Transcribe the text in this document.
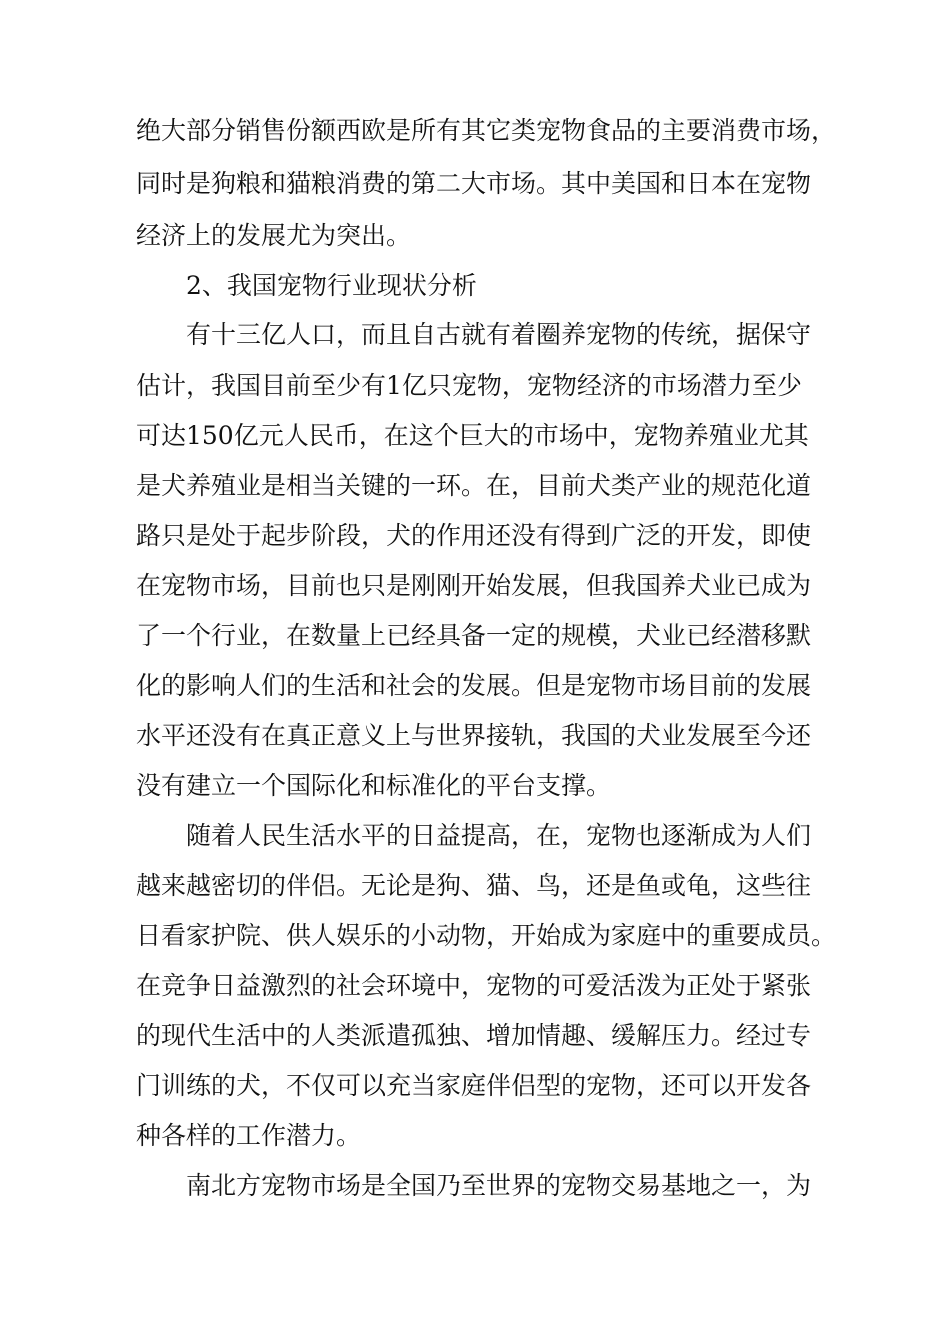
绝大部分销售份额西欧是所有其它类宠物食品的主要消费市场，
同时是狗粮和猫粮消费的第二大市场。其中美国和日本在宠物
经济上的发展尤为突出。
2、我国宠物行业现状分析
有十三亿人口，而且自古就有着圈养宠物的传统，据保守
估计，我国目前至少有1亿只宠物，宠物经济的市场潜力至少
可达150亿元人民币，在这个巨大的市场中，宠物养殖业尤其
是犬养殖业是相当关键的一环。在，目前犬类产业的规范化道
路只是处于起步阶段，犬的作用还没有得到广泛的开发，即使
在宠物市场，目前也只是刚刚开始发展，但我国养犬业已成为
了一个行业，在数量上已经具备一定的规模，犬业已经潜移默
化的影响人们的生活和社会的发展。但是宠物市场目前的发展
水平还没有在真正意义上与世界接轨，我国的犬业发展至今还
没有建立一个国际化和标准化的平台支撑。
随着人民生活水平的日益提高，在，宠物也逐渐成为人们
越来越密切的伴侣。无论是狗、猫、鸟，还是鱼或龟，这些往
日看家护院、供人娱乐的小动物，开始成为家庭中的重要成员。
在竞争日益激烈的社会环境中，宠物的可爱活泼为正处于紧张
的现代生活中的人类派遣孤独、增加情趣、缓解压力。经过专
门训练的犬，不仅可以充当家庭伴侣型的宠物，还可以开发各
种各样的工作潜力。
南北方宠物市场是全国乃至世界的宠物交易基地之一，为
